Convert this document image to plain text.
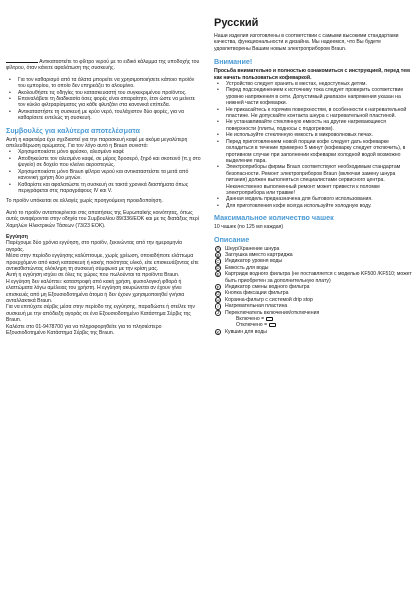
Αντικαταστείτε το φίλτρο νερού με το ειδικό κάλυμμα της υποδοχής του φίλτρου, όταν κάνετε αφαλάτωση της συσκευής.

• Για τον καθαρισμό από τα άλατα μπορείτε να χρησιμοποιήσετε κάποιο προϊόν του εμπορίου, το οποίο δεν επηρεάζει το αλουμίνιο.
• Ακολουθήστε τις οδηγίες του κατασκευαστή του συγκεκριμένου προϊόντος.
• Επαναλάβετε τη διαδικασία όσες φορές είναι απαραίτητο, έτσι ώστε να μείνετε τον κύκλο φιλτραρίσματος για κάθε φλυτζάνι στα κανονικά επίπεδα.
• Αντικαταστήστε τη συσκευή με κρύο νερό, τουλάχιστον δύο φορές, για να καθαρίσετε εντελώς τη συσκευή.
Συμβουλές για καλύτερα αποτελέσματα

Αυτή η καφετιέρα έχει σχεδιαστεί για την παρασκευή καφέ με ακόμα μεγαλύτερη απελευθέρωση αρώματος. Για τον λόγο αυτό η Braun συνιστά:

• Χρησιμοποιείστε μόνο φρέσκο, αλεσμένο καφέ
• Αποθηκεύστε τον αλεσμένο καφέ, σε μέρος δροσερό, ξηρό και σκοτεινό (π.χ στο ψυγείο) σε δοχείο που κλείνει αεροστεγώς.
• Χρησιμοποιείστε μόνο Braun φίλτρα νερού και αντικαταστείστε τα μετά από κανονική χρήση δύο μηνών.
• Καθαρίστε και αφαλατώστε τη συσκευή σε τακτά χρονικά διαστήματα όπως περιγράφεται στις παραγράφους IV και V.

Το προϊόν υπόκειται σε αλλαγές χωρίς προηγούμενη προειδοποίηση.

Αυτό το προϊόν ανταποκρίνεται στις απαιτήσεις της Ευρωπαϊκής κοινότητας, όπως αυτές αναφέρονται στην οδηγία του Συμβουλίου 89/336/EOK και με τις διατάξεις περί Χαμηλών Ηλεκτρικών Τάσεων (73/23 EOK).

Εγγύηση

Παρέχουμε δύο χρόνια εγγύηση, στο προϊόν, ξεκινώντας από την ημερομηνία αγοράς.

Μέσα στην περίοδο εγγύησης καλύπτουμε, χωρίς χρέωση, οποιαδήποτε ελάττωμα προερχόμενο από κακή κατασκευή ή κακής ποιότητας υλικό, είτε επισκευάζοντας είτε αντικαθιστώντας ολόκληρη τη συσκευή σύμφωνα με την κρίση μας.

Αυτή η εγγύηση ισχύει σε όλες τις χώρες που πωλούνται τα προϊόντα Braun.

Η εγγύηση δεν καλύπτει: καταστροφή από κακή χρήση, φυσιολογική φθορά ή ελαττώματα λόγω αμέλειας του χρήστη. Η εγγύηση ακυρώνεται αν έχουν γίνει επισκευές από μη Εξουσιοδοτημένα άτομα ή δεν έχουν χρησιμοποιηθεί γνήσια ανταλλακτικά Braun.

Για να επιτύχετε σέρβις μέσα στην περίοδο της εγγύησης, παραδώστε ή στείλτε την συσκευή με την απόδειξη αγοράς σε ένα Εξουσιοδοτημένο Κατάστημα Σέρβις της Braun.

Καλέστε στο 01-9478700 για να πληροφορηθείτε για το πλησιέστερο Εξουσιοδοτημένο Κατάστημα Σέρβις της Braun.

Русский

Наши изделия изготовлены в соответствии с самыми высокими стандартами качества, функциональности и дизайна. Мы надеемся, что Вы будете удовлетворены Вашим новым электроприбором Braun.

Внимание!

Просьба внимательно и полностью ознакомиться с инструкцией, перед тем как начать пользоваться кофеваркой.

• Устройство следует хранить в местах, недоступных детям.
• Перед подсоединением к источнику тока следует проверить соответствие уровню напряжения в сети. Допустимый диапазон напряжения указан на нижней части кофеварки.
• Не прикасайтесь к горячим поверхностям, в особенности к нагревательной пластине. Не допускайте контакта шнура с нагревательной пластиной.
• Не устанавливайте стеклянную емкость на другие нагревающиеся поверхности (плиты, подносы с подогревом).
• Не используйте стеклянную емкость в микроволновых печах.
• Перед приготовлением новой порции кофе следует дать кофеварке охладиться в течение примерно 5 минут (кофеварку следует отключить), в противном случае при заполнении кофеварки холодной водой возможно выделение пара.
• Электроприборы фирмы Braun соответствуют необходимым стандартам безопасности. Ремонт электроприборов Braun (включая замену шнура питания) должен выполняться специалистами сервисного центра. Некачественно выполненный ремонт может привести к поломке электроприбора или травме!
• Данная модель предназначена для бытового использования.
• Для приготовления кофе всегда используйте холодную воду.
Максимальное количество чашек

10 чашек (по 125 мл каждая)

Описание
A	Шнур/Хранение шнура
B	Заглушка вместо картриджа
C Индикатор уровня воды
D Емкость для воды
E	Картридж водного фильтра (не поставляется с моделью KF500 /KF510; может быть приобретен за дополнительную плату)
F	Индикатор смены водного фильтра
G Кнопка фиксации фильтра
H Корзина-фильтр с системой drip stop
I	Нагревательная пластина
J	Переключатель включения/отключения
Включено =
Отключено =
K	Кувшин для воды
